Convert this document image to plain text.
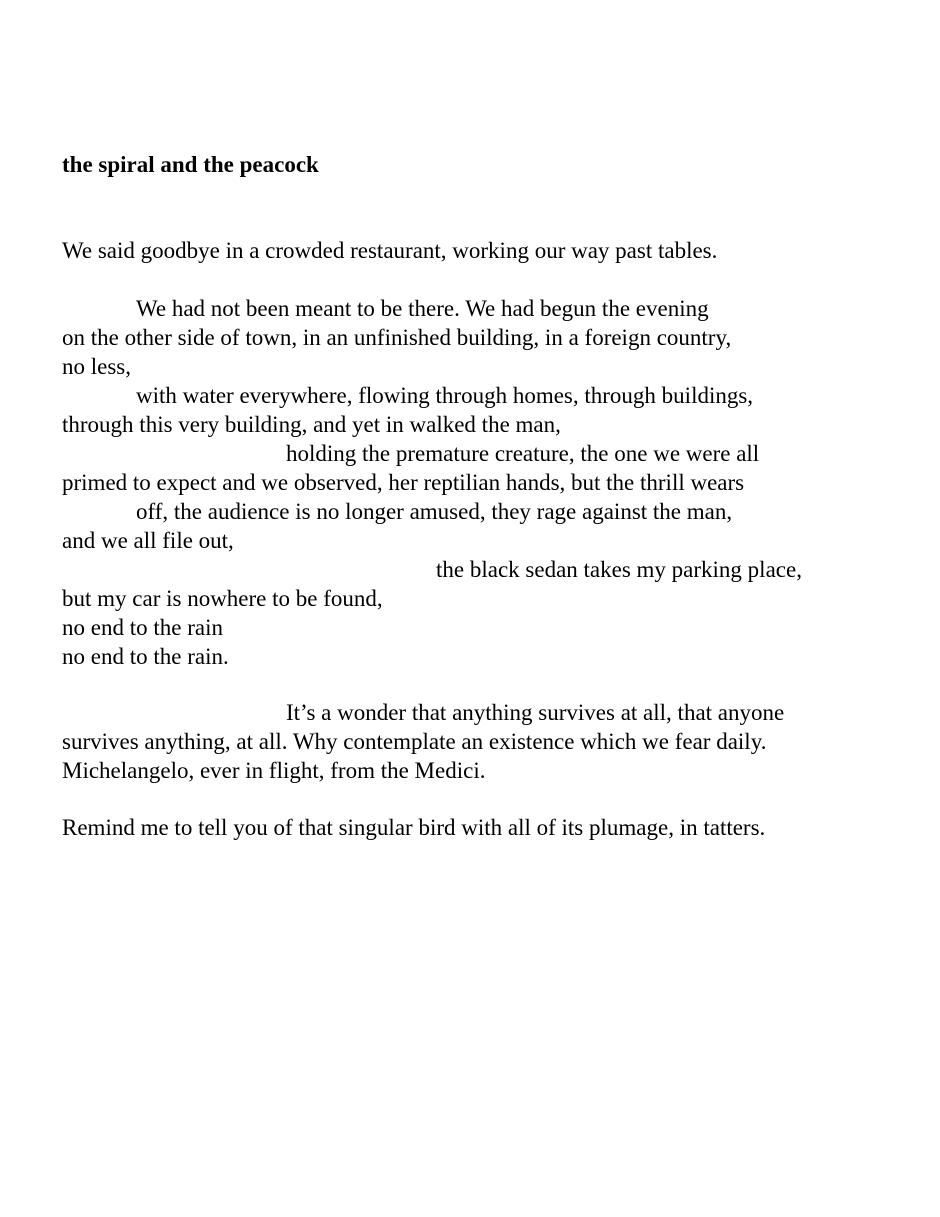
the spiral and the peacock

We said goodbye in a crowded restaurant, working our way past tables.

We had not been meant to be there. We had begun the evening

on the other side of town, in an unfinished building, in a foreign country,

no less,

with water everywhere, flowing through homes, through buildings,

through this very building, and yet in walked the man,

holding the premature creature, the one we were all

primed to expect and we observed, her reptilian hands, but the thrill wears

off, the audience is no longer amused, they rage against the man,

and we all file out,

the black sedan takes my parking place,

but my car is nowhere to be found,

no end to the rain

no end to the rain.

It’s a wonder that anything survives at all, that anyone

survives anything, at all. Why contemplate an existence which we fear daily.

Michelangelo, ever in flight, from the Medici.

Remind me to tell you of that singular bird with all of its plumage, in tatters.
